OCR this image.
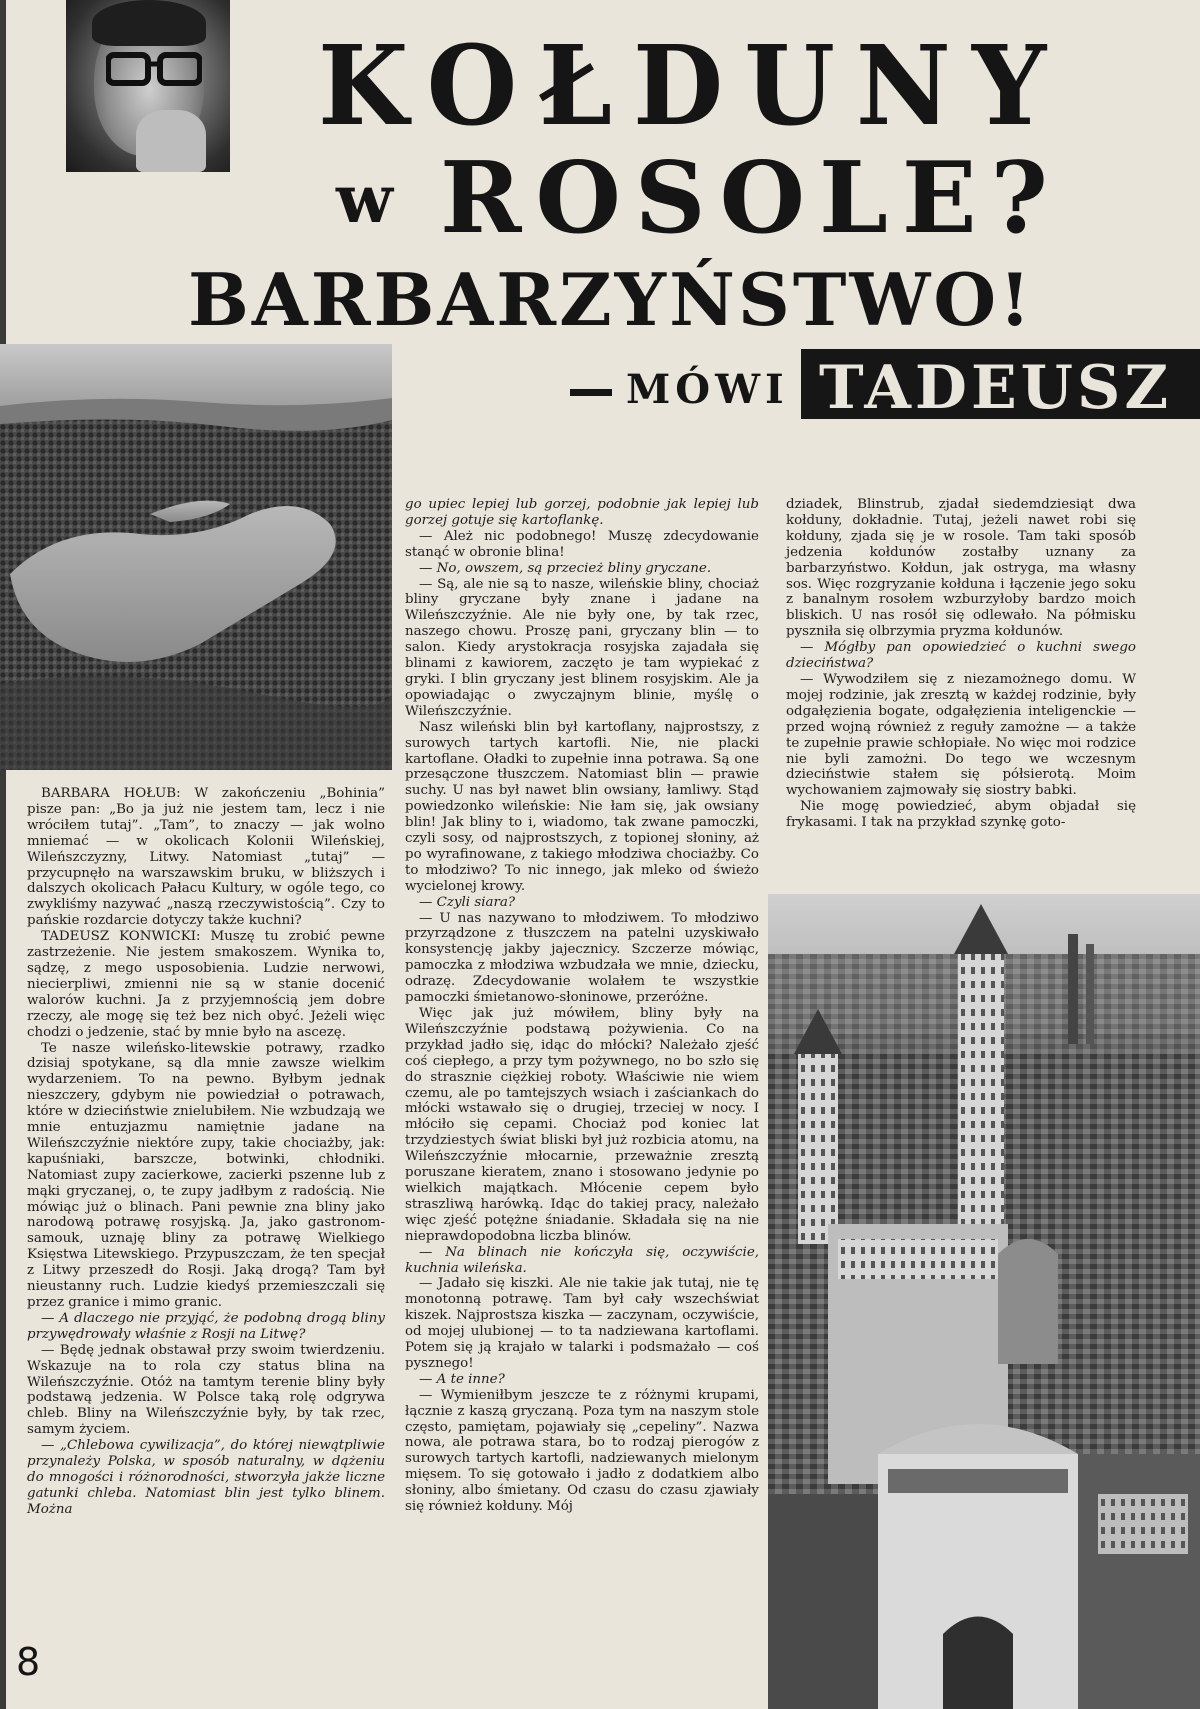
KOŁDUNY
w ROSOLE?
BARBARZYŃSTWO!
MÓWI TADEUSZ

BARBARA HOŁUB: W zakończeniu „Bohinia” pisze pan: „Bo ja już nie jestem tam, lecz i nie wróciłem tutaj”. „Tam”, to znaczy — jak wolno mniemać — w okolicach Kolonii Wileńskiej, Wileńszczyzny, Litwy. Natomiast „tutaj” — przycupnęło na warszawskim bruku, w bliższych i dalszych okolicach Pałacu Kultury, w ogóle tego, co zwykliśmy nazywać „naszą rzeczywistością”. Czy to pańskie rozdarcie dotyczy także kuchni?

TADEUSZ KONWICKI: Muszę tu zrobić pewne zastrzeżenie. Nie jestem smakoszem. Wynika to, sądzę, z mego usposobienia. Ludzie nerwowi, niecierpliwi, zmienni nie są w stanie docenić walorów kuchni. Ja z przyjemnością jem dobre rzeczy, ale mogę się też bez nich obyć. Jeżeli więc chodzi o jedzenie, stać by mnie było na ascezę.

Te nasze wileńsko-litewskie potrawy, rzadko dzisiaj spotykane, są dla mnie zawsze wielkim wydarzeniem. To na pewno. Byłbym jednak nieszczery, gdybym nie powiedział o potrawach, które w dzieciństwie znielubiłem. Nie wzbudzają we mnie entuzjazmu namiętnie jadane na Wileńszczyźnie niektóre zupy, takie chociażby, jak: kapuśniaki, barszcze, botwinki, chłodniki. Natomiast zupy zacierkowe, zacierki pszenne lub z mąki gryczanej, o, te zupy jadłbym z radością. Nie mówiąc już o blinach. Pani pewnie zna bliny jako narodową potrawę rosyjską. Ja, jako gastronom-samouk, uznaję bliny za potrawę Wielkiego Księstwa Litewskiego. Przypuszczam, że ten specjał z Litwy przeszedł do Rosji. Jaką drogą? Tam był nieustanny ruch. Ludzie kiedyś przemieszczali się przez granice i mimo granic.

— A dlaczego nie przyjąć, że podobną drogą bliny przywędrowały właśnie z Rosji na Litwę?

— Będę jednak obstawał przy swoim twierdzeniu. Wskazuje na to rola czy status blina na Wileńszczyźnie. Otóż na tamtym terenie bliny były podstawą jedzenia. W Polsce taką rolę odgrywa chleb. Bliny na Wileńszczyźnie były, by tak rzec, samym życiem.

— „Chlebowa cywilizacja”, do której niewątpliwie przynależy Polska, w sposób naturalny, w dążeniu do mnogości i różnorodności, stworzyła jakże liczne gatunki chleba. Natomiast blin jest tylko blinem. Można

go upiec lepiej lub gorzej, podobnie jak lepiej lub gorzej gotuje się kartoflankę.

— Ależ nic podobnego! Muszę zdecydowanie stanąć w obronie blina!

— No, owszem, są przecież bliny gryczane.

— Są, ale nie są to nasze, wileńskie bliny, chociaż bliny gryczane były znane i jadane na Wileńszczyźnie. Ale nie były one, by tak rzec, naszego chowu. Proszę pani, gryczany blin — to salon. Kiedy arystokracja rosyjska zajadała się blinami z kawiorem, zaczęto je tam wypiekać z gryki. I blin gryczany jest blinem rosyjskim. Ale ja opowiadając o zwyczajnym blinie, myślę o Wileńszczyźnie.

Nasz wileński blin był kartoflany, najprostszy, z surowych tartych kartofli. Nie, nie placki kartoflane. Oładki to zupełnie inna potrawa. Są one przesączone tłuszczem. Natomiast blin — prawie suchy. U nas był nawet blin owsiany, łamliwy. Stąd powiedzonko wileńskie: Nie łam się, jak owsiany blin! Jak bliny to i, wiadomo, tak zwane pamoczki, czyli sosy, od najprostszych, z topionej słoniny, aż po wyrafinowane, z takiego młodziwa chociażby. Co to młodziwo? To nic innego, jak mleko od świeżo wycielonej krowy.

— Czyli siara?

— U nas nazywano to młodziwem. To młodziwo przyrządzone z tłuszczem na patelni uzyskiwało konsystencję jakby jajecznicy. Szczerze mówiąc, pamoczka z młodziwa wzbudzała we mnie, dziecku, odrazę. Zdecydowanie wolałem te wszystkie pamoczki śmietanowo-słoninowe, przeróżne.

Więc jak już mówiłem, bliny były na Wileńszczyźnie podstawą pożywienia. Co na przykład jadło się, idąc do młócki? Należało zjeść coś ciepłego, a przy tym pożywnego, no bo szło się do strasznie ciężkiej roboty. Właściwie nie wiem czemu, ale po tamtejszych wsiach i zaściankach do młócki wstawało się o drugiej, trzeciej w nocy. I młóciło się cepami. Chociaż pod koniec lat trzydziestych świat bliski był już rozbicia atomu, na Wileńszczyźnie młocarnie, przeważnie zresztą poruszane kieratem, znano i stosowano jedynie po wielkich majątkach. Młócenie cepem było straszliwą harówką. Idąc do takiej pracy, należało więc zjeść potężne śniadanie. Składała się na nie nieprawdopodobna liczba blinów.

— Na blinach nie kończyła się, oczywiście, kuchnia wileńska.

— Jadało się kiszki. Ale nie takie jak tutaj, nie tę monotonną potrawę. Tam był cały wszechświat kiszek. Najprostsza kiszka — zaczynam, oczywiście, od mojej ulubionej — to ta nadziewana kartoflami. Potem się ją krajało w talarki i podsmażało — coś pysznego!

— A te inne?

— Wymieniłbym jeszcze te z różnymi krupami, łącznie z kaszą gryczaną. Poza tym na naszym stole często, pamiętam, pojawiały się „cepeliny”. Nazwa nowa, ale potrawa stara, bo to rodzaj pierogów z surowych tartych kartofli, nadziewanych mielonym mięsem. To się gotowało i jadło z dodatkiem albo słoniny, albo śmietany. Od czasu do czasu zjawiały się również kołduny. Mój

dziadek, Blinstrub, zjadał siedemdziesiąt dwa kołduny, dokładnie. Tutaj, jeżeli nawet robi się kołduny, zjada się je w rosole. Tam taki sposób jedzenia kołdunów zostałby uznany za barbarzyństwo. Kołdun, jak ostryga, ma własny sos. Więc rozgryzanie kołduna i łączenie jego soku z banalnym rosołem wzburzyłoby bardzo moich bliskich. U nas rosół się odlewało. Na półmisku pyszniła się olbrzymia pryzma kołdunów.

— Mógłby pan opowiedzieć o kuchni swego dzieciństwa?

— Wywodziłem się z niezamożnego domu. W mojej rodzinie, jak zresztą w każdej rodzinie, były odgałęzienia bogate, odgałęzienia inteligenckie — przed wojną również z reguły zamożne — a także te zupełnie prawie schłopiałe. No więc moi rodzice nie byli zamożni. Do tego we wczesnym dzieciństwie stałem się półsierotą. Moim wychowaniem zajmowały się siostry babki.

Nie mogę powiedzieć, abym objadał się frykasami. I tak na przykład szynkę goto-

8
